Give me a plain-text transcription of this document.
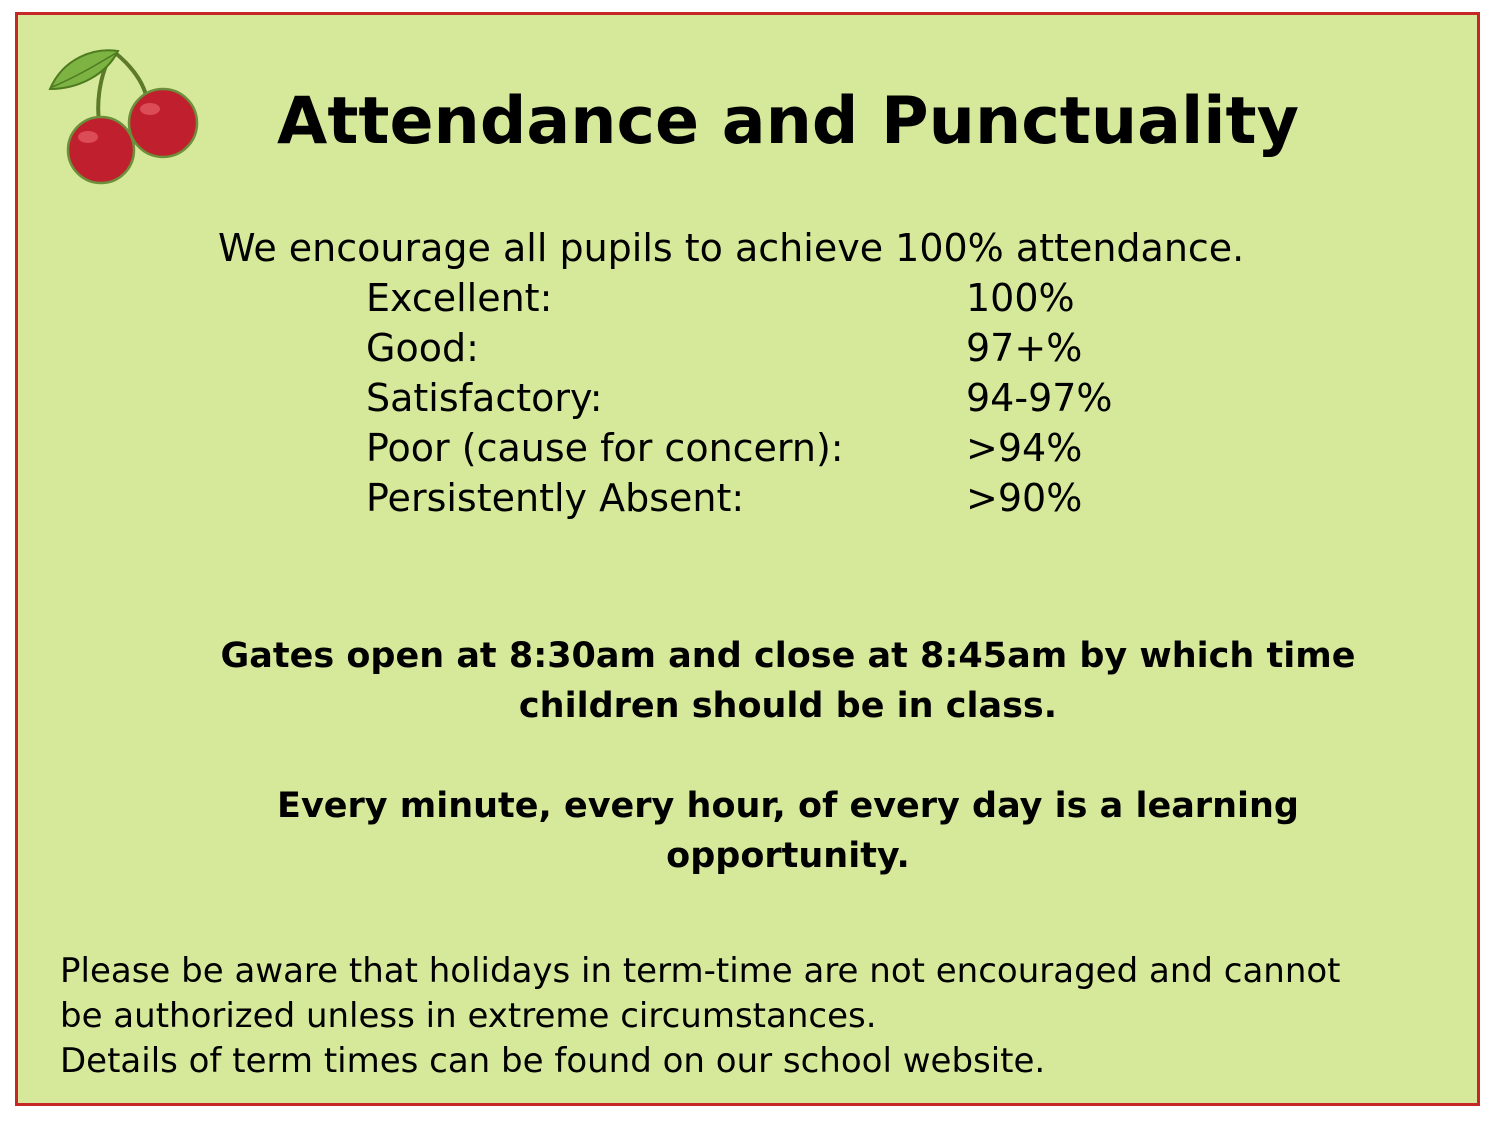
Attendance and Punctuality

We encourage all pupils to achieve 100% attendance.

Excellent:	100%
Good:	97+%
Satisfactory:	94-97%
Poor (cause for concern):	>94%
Persistently Absent:	>90%

Gates open at 8:30am and close at 8:45am by which time
children should be in class.

Every minute, every hour, of every day is a learning
opportunity.

Please be aware that holidays in term-time are not encouraged and cannot
be authorized unless in extreme circumstances.
Details of term times can be found on our school website.
